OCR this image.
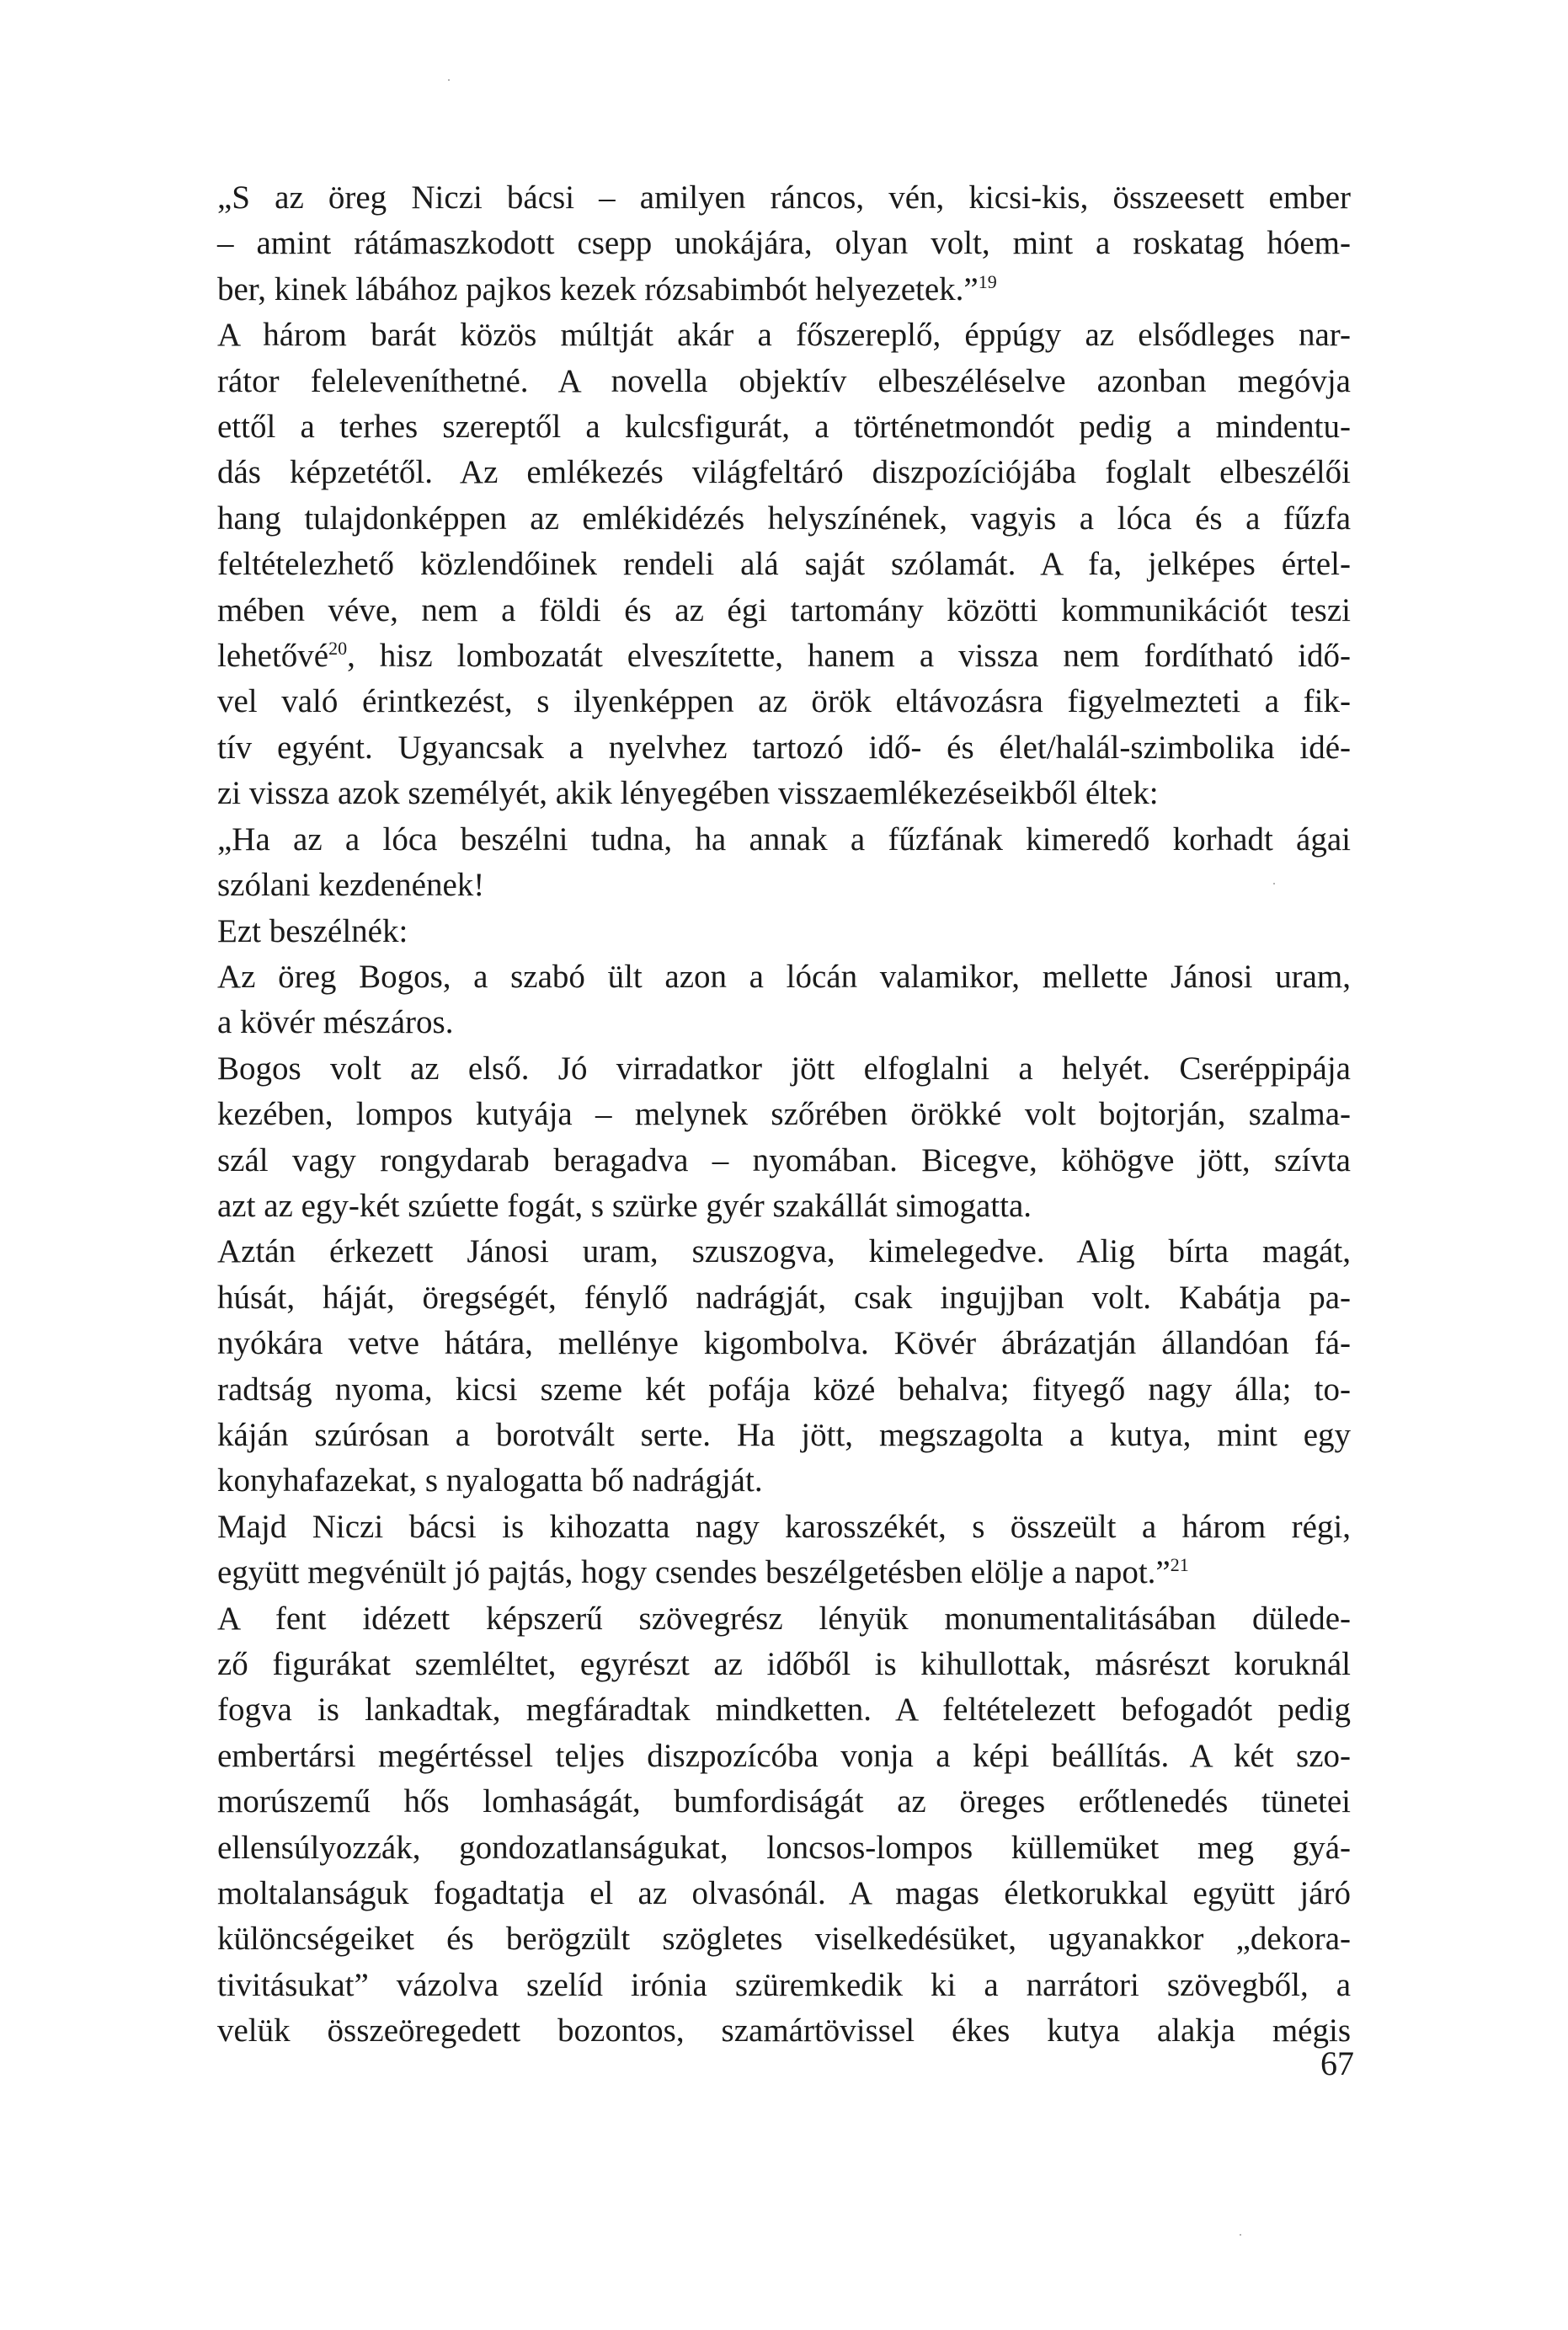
„S az öreg Niczi bácsi – amilyen ráncos, vén, kicsi-kis, összeesett ember
– amint rátámaszkodott csepp unokájára, olyan volt, mint a roskatag hóem-
ber, kinek lábához pajkos kezek rózsabimbót helyezetek.”$^{19}$
A három barát közös múltját akár a főszereplő, éppúgy az elsődleges nar-
rátor feleleveníthetné. A novella objektív elbeszéléselve azonban megóvja
ettől a terhes szereptől a kulcsfigurát, a történetmondót pedig a mindentu-
dás képzetétől. Az emlékezés világfeltáró diszpozíciójába foglalt elbeszélői
hang tulajdonképpen az emlékidézés helyszínének, vagyis a lóca és a fűzfa
feltételezhető közlendőinek rendeli alá saját szólamát. A fa, jelképes értel-
mében véve, nem a földi és az égi tartomány közötti kommunikációt teszi
lehetővé$^{20}$, hisz lombozatát elveszítette, hanem a vissza nem fordítható idő-
vel való érintkezést, s ilyenképpen az örök eltávozásra figyelmezteti a fik-
tív egyént. Ugyancsak a nyelvhez tartozó idő- és élet/halál-szimbolika idé-
zi vissza azok személyét, akik lényegében visszaemlékezéseikből éltek:
„Ha az a lóca beszélni tudna, ha annak a fűzfának kimeredő korhadt ágai
szólani kezdenének!
Ezt beszélnék:
Az öreg Bogos, a szabó ült azon a lócán valamikor, mellette Jánosi uram,
a kövér mészáros.
Bogos volt az első. Jó virradatkor jött elfoglalni a helyét. Cseréppipája
kezében, lompos kutyája – melynek szőrében örökké volt bojtorján, szalma-
szál vagy rongydarab beragadva – nyomában. Bicegve, köhögve jött, szívta
azt az egy-két szúette fogát, s szürke gyér szakállát simogatta.
Aztán érkezett Jánosi uram, szuszogva, kimelegedve. Alig bírta magát,
húsát, háját, öregségét, fénylő nadrágját, csak ingujjban volt. Kabátja pa-
nyókára vetve hátára, mellénye kigombolva. Kövér ábrázatján állandóan fá-
radtság nyoma, kicsi szeme két pofája közé behalva; fityegő nagy álla; to-
káján szúrósan a borotvált serte. Ha jött, megszagolta a kutya, mint egy
konyhafazekat, s nyalogatta bő nadrágját.
Majd Niczi bácsi is kihozatta nagy karosszékét, s összeült a három régi,
együtt megvénült jó pajtás, hogy csendes beszélgetésben elölje a napot.”$^{21}$
A fent idézett képszerű szövegrész lényük monumentalitásában düledе-
ző figurákat szemléltet, egyrészt az időből is kihullottak, másrészt koruknál
fogva is lankadtak, megfáradtak mindketten. A feltételezett befogadót pedig
embertársi megértéssel teljes diszpozícóba vonja a képi beállítás. A két szo-
morúszemű hős lomhaságát, bumfordiságát az öreges erőtlenedés tünetei
ellensúlyozzák, gondozatlanságukat, loncsos-lompos küllemüket meg gyá-
moltalanságuk fogadtatja el az olvasónál. A magas életkorukkal együtt járó
különcségeiket és berögzült szögletes viselkedésüket, ugyanakkor „dekora-
tivitásukat” vázolva szelíd irónia szüremkedik ki a narrátori szövegből, a
velük összeöregedett bozontos, szamártövissel ékes kutya alakja mégis
67
